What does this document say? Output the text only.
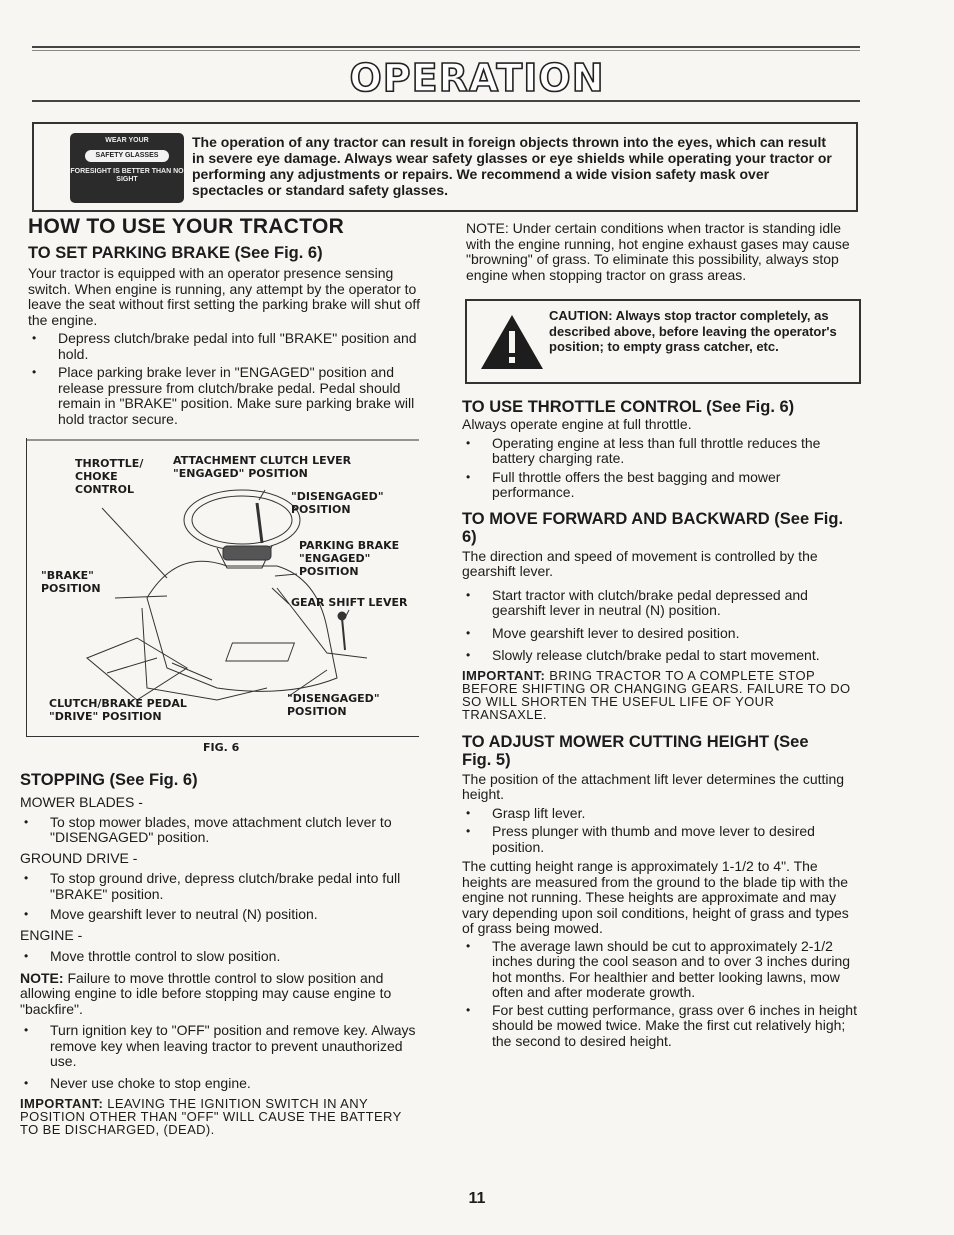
OPERATION
WEAR YOUR
SAFETY GLASSES
FORESIGHT IS BETTER THAN NO SIGHT
The operation of any tractor can result in foreign objects thrown into the eyes, which can result in severe eye damage. Always wear safety glasses or eye shields while operating your tractor or performing any adjustments or repairs. We recommend a wide vision safety mask over spectacles or standard safety glasses.
HOW TO USE YOUR TRACTOR
TO SET PARKING BRAKE (See Fig. 6)

Your tractor is equipped with an operator presence sensing switch. When engine is running, any attempt by the operator to leave the seat without first setting the parking brake will shut off the engine.

• Depress clutch/brake pedal into full "BRAKE" position and hold.

• Place parking brake lever in "ENGAGED" position and release pressure from clutch/brake pedal. Pedal should remain in "BRAKE" position. Make sure parking brake will hold tractor secure.

THROTTLE/ CHOKE CONTROL
ATTACHMENT CLUTCH LEVER "ENGAGED" POSITION
"DISENGAGED" POSITION
PARKING BRAKE "ENGAGED" POSITION
"BRAKE" POSITION
GEAR SHIFT LEVER
CLUTCH/BRAKE PEDAL "DRIVE" POSITION
"DISENGAGED" POSITION
FIG. 6
STOPPING (See Fig. 6)

MOWER BLADES -

• To stop mower blades, move attachment clutch lever to "DISENGAGED" position.

GROUND DRIVE -

• To stop ground drive, depress clutch/brake pedal into full "BRAKE" position.

• Move gearshift lever to neutral (N) position.

ENGINE -

• Move throttle control to slow position.

NOTE: Failure to move throttle control to slow position and allowing engine to idle before stopping may cause engine to "backfire".

• Turn ignition key to "OFF" position and remove key. Always remove key when leaving tractor to prevent unauthorized use.

• Never use choke to stop engine.

IMPORTANT: LEAVING THE IGNITION SWITCH IN ANY POSITION OTHER THAN "OFF" WILL CAUSE THE BATTERY TO BE DISCHARGED, (DEAD).

NOTE: Under certain conditions when tractor is standing idle with the engine running, hot engine exhaust gases may cause "browning" of grass. To eliminate this possibility, always stop engine when stopping tractor on grass areas.

CAUTION: Always stop tractor completely, as described above, before leaving the operator's position; to empty grass catcher, etc.
TO USE THROTTLE CONTROL (See Fig. 6)

Always operate engine at full throttle.

• Operating engine at less than full throttle reduces the battery charging rate.

• Full throttle offers the best bagging and mower performance.

TO MOVE FORWARD AND BACKWARD (See Fig. 6)

The direction and speed of movement is controlled by the gearshift lever.

• Start tractor with clutch/brake pedal depressed and gearshift lever in neutral (N) position.

• Move gearshift lever to desired position.

• Slowly release clutch/brake pedal to start movement.

IMPORTANT: BRING TRACTOR TO A COMPLETE STOP BEFORE SHIFTING OR CHANGING GEARS. FAILURE TO DO SO WILL SHORTEN THE USEFUL LIFE OF YOUR TRANSAXLE.

TO ADJUST MOWER CUTTING HEIGHT (See Fig. 5)

The position of the attachment lift lever determines the cutting height.

• Grasp lift lever.

• Press plunger with thumb and move lever to desired position.

The cutting height range is approximately 1-1/2 to 4". The heights are measured from the ground to the blade tip with the engine not running. These heights are approximate and may vary depending upon soil conditions, height of grass and types of grass being mowed.

• The average lawn should be cut to approximately 2-1/2 inches during the cool season and to over 3 inches during hot months. For healthier and better looking lawns, mow often and after moderate growth.

• For best cutting performance, grass over 6 inches in height should be mowed twice. Make the first cut relatively high; the second to desired height.

11
